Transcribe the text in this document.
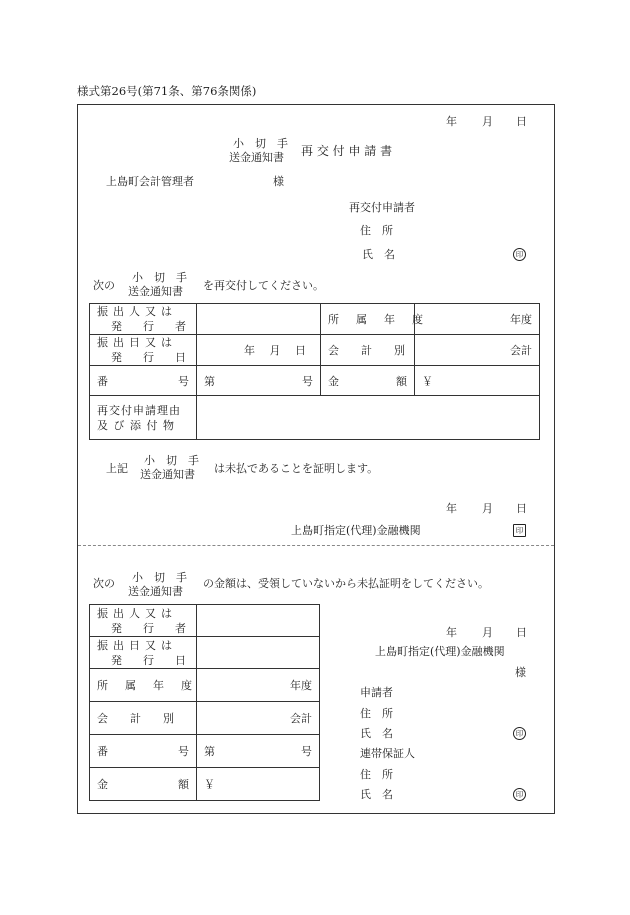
様式第26号(第71条、第76条関係)
年 月 日
小　切　手
送金通知書 再 交 付 申 請 書
上島町会計管理者	様
再交付申請者
住　所
氏　名	印
次の
小　切　手
送金通知書 を再交付してください。
振出人又は
発　行　者		所　属　年　度	年度

振出日又は
発　行　日	年　 月　 日	会　　計　　別	会計

番 号	第 号	金 額	￥

再交付申請理由
及 び 添 付 物			

上記
小　切　手
送金通知書 は未払であることを証明します。
年 月 日
上島町指定(代理)金融機関	印
次の 小　切　手
送金通知書
の金額は、受領していないから未払証明をしてください。
振出人又は
発　行　者	

振出日又は
発　行　日	

所　属　年　度	年度
会　　計　　別	会計

番 号	第 号

金 額	￥
年 月 日
上島町指定(代理)金融機関
様
申請者
住　所
氏　名	印
連帯保証人
住　所
氏　名	印
